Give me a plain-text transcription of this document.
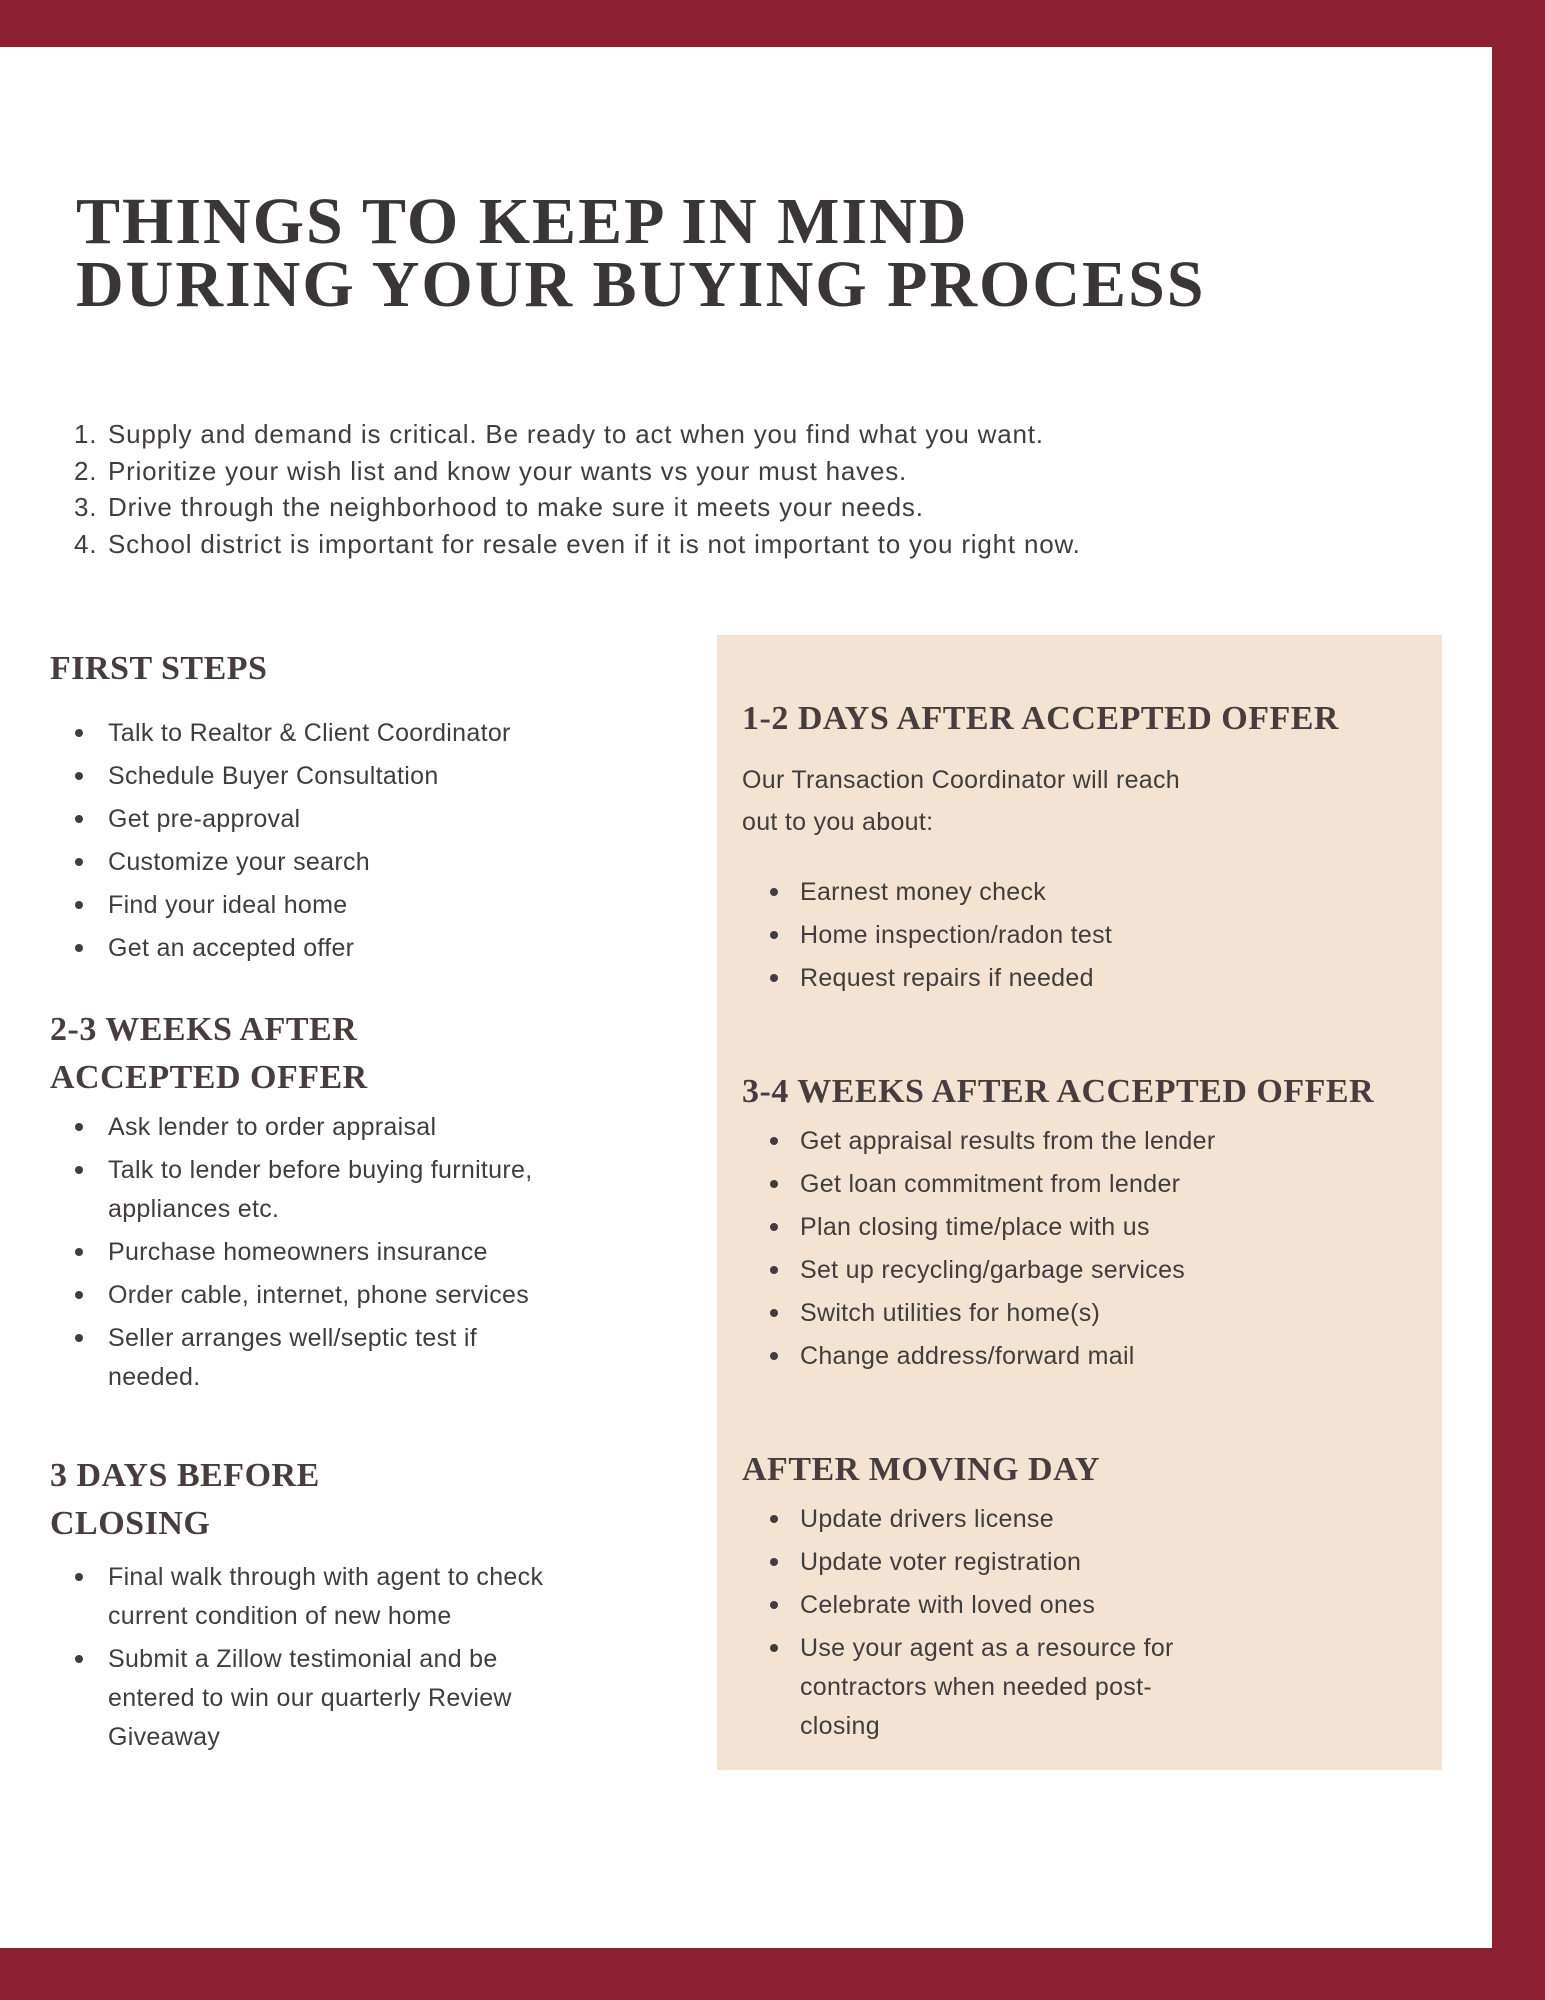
THINGS TO KEEP IN MIND
DURING YOUR BUYING PROCESS
1. Supply and demand is critical. Be ready to act when you find what you want.
2. Prioritize your wish list and know your wants vs your must haves.
3. Drive through the neighborhood to make sure it meets your needs.
4. School district is important for resale even if it is not important to you right now.
FIRST STEPS
Talk to Realtor & Client Coordinator
Schedule Buyer Consultation
Get pre-approval
Customize your search
Find your ideal home
Get an accepted offer
2-3 WEEKS AFTER ACCEPTED OFFER
Ask lender to order appraisal
Talk to lender before buying furniture, appliances etc.
Purchase homeowners insurance
Order cable, internet, phone services
Seller arranges well/septic test if needed.
3 DAYS BEFORE CLOSING
Final walk through with agent to check current condition of new home
Submit a Zillow testimonial and be entered to win our quarterly Review Giveaway
1-2 DAYS AFTER ACCEPTED OFFER

Our Transaction Coordinator will reach out to you about:

Earnest money check
Home inspection/radon test
Request repairs if needed
3-4 WEEKS AFTER ACCEPTED OFFER
Get appraisal results from the lender
Get loan commitment from lender
Plan closing time/place with us
Set up recycling/garbage services
Switch utilities for home(s)
Change address/forward mail
AFTER MOVING DAY
Update drivers license
Update voter registration
Celebrate with loved ones
Use your agent as a resource for contractors when needed post-closing
